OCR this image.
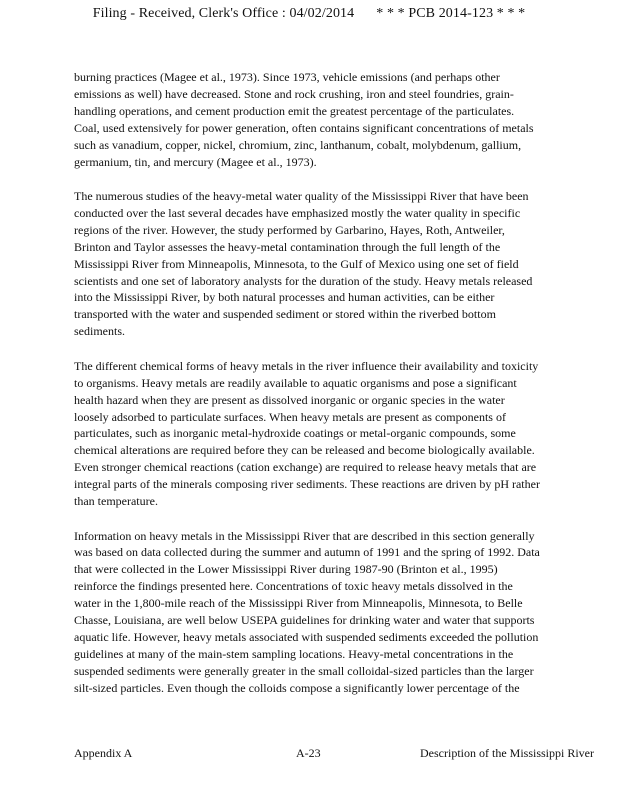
Filing - Received, Clerk's Office : 04/02/2014 * * * PCB 2014-123 * * *
burning practices (Magee et al., 1973). Since 1973, vehicle emissions (and perhaps other
emissions as well) have decreased. Stone and rock crushing, iron and steel foundries, grain-
handling operations, and cement production emit the greatest percentage of the particulates.
Coal, used extensively for power generation, often contains significant concentrations of metals
such as vanadium, copper, nickel, chromium, zinc, lanthanum, cobalt, molybdenum, gallium,
germanium, tin, and mercury (Magee et al., 1973).
The numerous studies of the heavy-metal water quality of the Mississippi River that have been
conducted over the last several decades have emphasized mostly the water quality in specific
regions of the river. However, the study performed by Garbarino, Hayes, Roth, Antweiler,
Brinton and Taylor assesses the heavy-metal contamination through the full length of the
Mississippi River from Minneapolis, Minnesota, to the Gulf of Mexico using one set of field
scientists and one set of laboratory analysts for the duration of the study. Heavy metals released
into the Mississippi River, by both natural processes and human activities, can be either
transported with the water and suspended sediment or stored within the riverbed bottom
sediments.
The different chemical forms of heavy metals in the river influence their availability and toxicity
to organisms. Heavy metals are readily available to aquatic organisms and pose a significant
health hazard when they are present as dissolved inorganic or organic species in the water
loosely adsorbed to particulate surfaces. When heavy metals are present as components of
particulates, such as inorganic metal-hydroxide coatings or metal-organic compounds, some
chemical alterations are required before they can be released and become biologically available.
Even stronger chemical reactions (cation exchange) are required to release heavy metals that are
integral parts of the minerals composing river sediments. These reactions are driven by pH rather
than temperature.
Information on heavy metals in the Mississippi River that are described in this section generally
was based on data collected during the summer and autumn of 1991 and the spring of 1992. Data
that were collected in the Lower Mississippi River during 1987-90 (Brinton et al., 1995)
reinforce the findings presented here. Concentrations of toxic heavy metals dissolved in the
water in the 1,800-mile reach of the Mississippi River from Minneapolis, Minnesota, to Belle
Chasse, Louisiana, are well below USEPA guidelines for drinking water and water that supports
aquatic life. However, heavy metals associated with suspended sediments exceeded the pollution
guidelines at many of the main-stem sampling locations. Heavy-metal concentrations in the
suspended sediments were generally greater in the small colloidal-sized particles than the larger
silt-sized particles. Even though the colloids compose a significantly lower percentage of the
Appendix A	A-23	Description of the Mississippi River
